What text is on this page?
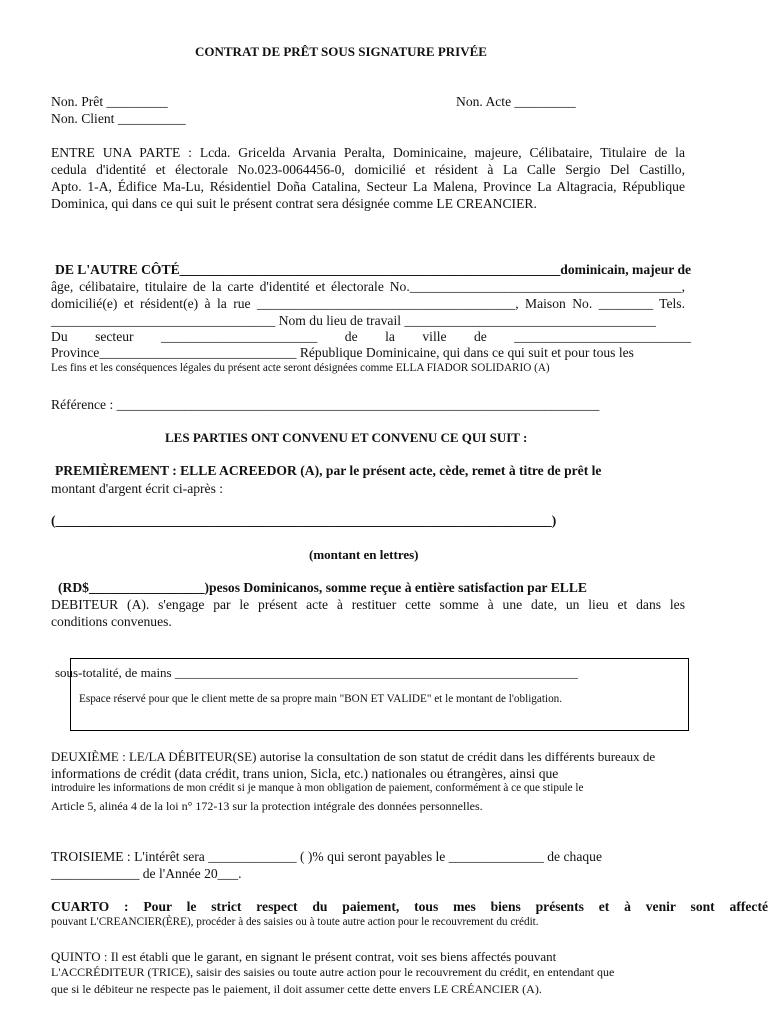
CONTRAT DE PRÊT SOUS SIGNATURE PRIVÉE
Non. Prêt _________	Non. Acte _________
Non. Client __________
ENTRE UNA PARTE : Lcda. Gricelda Arvania Peralta, Dominicaine, majeure, Célibataire, Titulaire de la
cedula d'identité et électorale No.023-0064456-0, domicilié et résident à La Calle Sergio Del Castillo,
Apto. 1-A, Édifice Ma-Lu, Résidentiel Doña Catalina, Secteur La Malena, Province La Altagracia, République
Dominica, qui dans ce qui suit le présent contrat sera désignée comme LE CREANCIER.
DE L'AUTRE CÔTÉ________________________________________________________dominicain, majeur de
âge, célibataire, titulaire de la carte d'identité et électorale No.________________________________________,
domicilié(e) et résident(e) à la rue ______________________________________, Maison No. ________ Tels.
_________________________________ Nom du lieu de travail _____________________________________
Du secteur _______________________ de la ville de __________________________
Province_____________________________ République Dominicaine, qui dans ce qui suit et pour tous les
Les fins et les conséquences légales du présent acte seront désignées comme ELLA FIADOR SOLIDARIO (A)
Référence : _______________________________________________________________________
LES PARTIES ONT CONVENU ET CONVENU CE QUI SUIT :
PREMIÈREMENT : ELLE ACREEDOR (A), par le présent acte, cède, remet à titre de prêt le
montant d'argent écrit ci-après :
(_________________________________________________________________________)
(montant en lettres)
(RD$_________________)pesos Dominicanos, somme reçue à entière satisfaction par ELLE
DEBITEUR (A). s'engage par le présent acte à restituer cette somme à une date, un lieu et dans les
conditions convenues.
sous-totalité, de mains ______________________________________________________________
Espace réservé pour que le client mette de sa propre main "BON ET VALIDE" et le montant de l'obligation.
DEUXIÈME : LE/LA DÉBITEUR(SE) autorise la consultation de son statut de crédit dans les différents bureaux de
informations de crédit (data crédit, trans union, Sicla, etc.) nationales ou étrangères, ainsi que
introduire les informations de mon crédit si je manque à mon obligation de paiement, conformément à ce que stipule le
Article 5, alinéa 4 de la loi n° 172-13 sur la protection intégrale des données personnelles.
TROISIEME : L'intérêt sera _____________ ( )% qui seront payables le ______________ de chaque
_____________ de l'Année 20___.
CUARTO : Pour le strict respect du paiement, tous mes biens présents et à venir sont affecté
pouvant L'CREANCIER(ÈRE), procéder à des saisies ou à toute autre action pour le recouvrement du crédit.
QUINTO : Il est établi que le garant, en signant le présent contrat, voit ses biens affectés pouvant
L'ACCRÉDITEUR (TRICE), saisir des saisies ou toute autre action pour le recouvrement du crédit, en entendant que
que si le débiteur ne respecte pas le paiement, il doit assumer cette dette envers LE CRÉANCIER (A).
